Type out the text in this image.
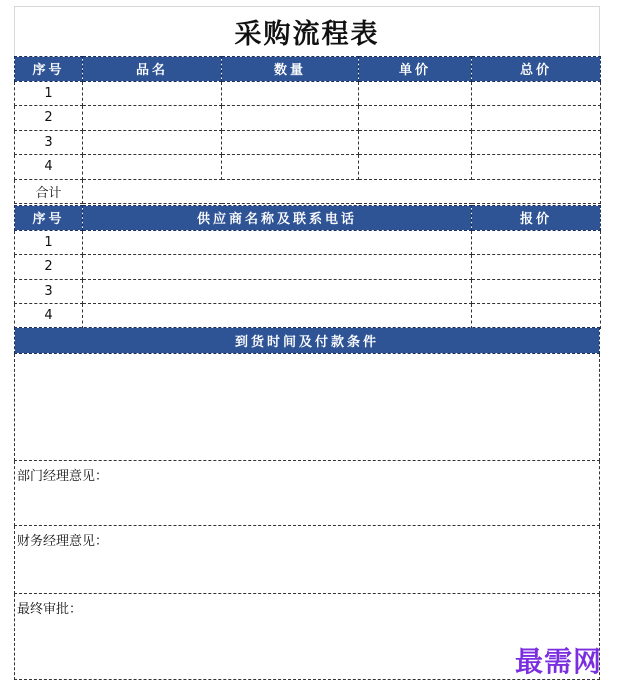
采购流程表
序号	品名	数量	单价	总价
1				
2				
3				
4				
合计				
序号	供应商名称及联系电话	报价
1		
2		
3		
4		
到货时间及付款条件

部门经理意见：
财务经理意见：
最终审批：
最需网
